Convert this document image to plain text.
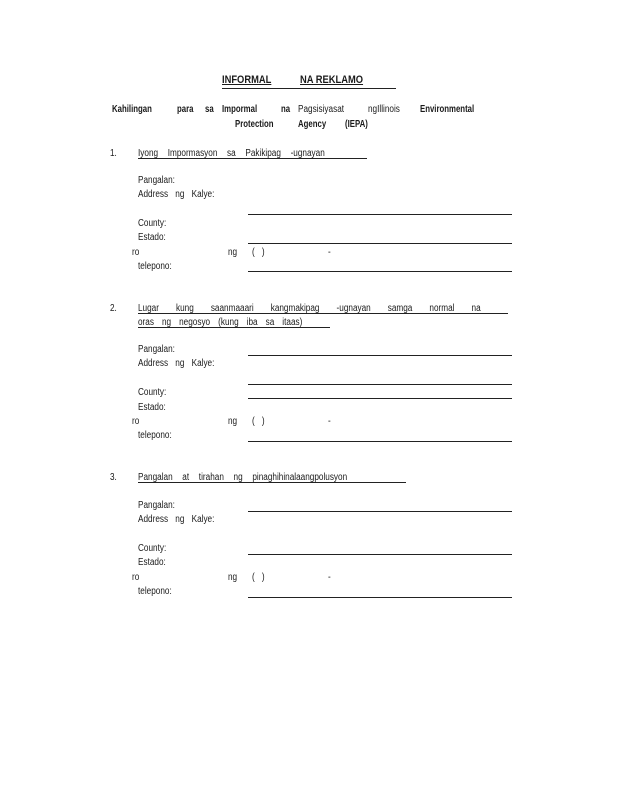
INFORMAL	NA REKLAMO
Kahilingan	para sa Impormal na Pagsisiyasat ngIllinois Environmental
Protection Agency (IEPA)
1. Iyong Impormasyon sa Pakikipag -ugnayan
Pangalan:
Address ng Kalye:
County:
Estado:
ro	ng ( )	-
telepono:
2. Lugar kung saanmaaari kangmakipag -ugnayan samga normal na
oras ng negosyo (kung iba sa itaas)
Pangalan:
Address ng Kalye:
County:
Estado:
ro	ng ( )	-
telepono:
3. Pangalan at tirahan ng pinaghihinalaangpolusyon
Pangalan:
Address ng Kalye:
County:
Estado:
ro	ng ( )	-
telepono:
